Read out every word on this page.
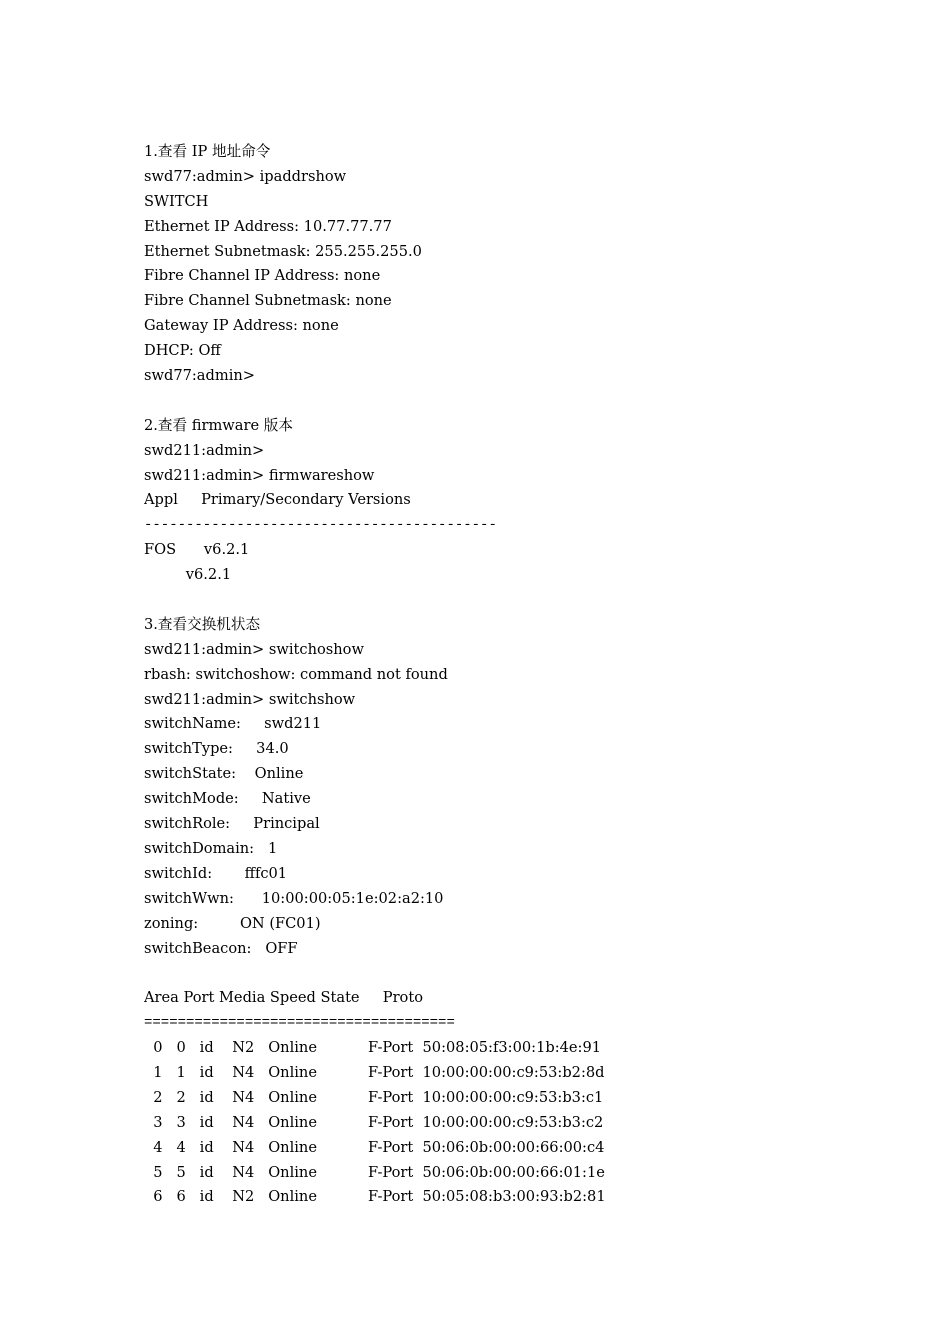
1.查看 IP 地址命令
swd77:admin> ipaddrshow
SWITCH
Ethernet IP Address: 10.77.77.77
Ethernet Subnetmask: 255.255.255.0
Fibre Channel IP Address: none
Fibre Channel Subnetmask: none
Gateway IP Address: none
DHCP: Off
swd77:admin>
2.查看 firmware 版本
swd211:admin>
swd211:admin> firmwareshow
Appl     Primary/Secondary Versions
------------------------------------------
FOS      v6.2.1
v6.2.1
3.查看交换机状态
swd211:admin> switchoshow
rbash: switchoshow: command not found
swd211:admin> switchshow
switchName:     swd211
switchType:     34.0
switchState:    Online
switchMode:     Native
switchRole:     Principal
switchDomain:   1
switchId:       fffc01
switchWwn:      10:00:00:05:1e:02:a2:10
zoning:         ON (FC01)
switchBeacon:   OFF
Area Port Media Speed State     Proto
=====================================
0   0   id    N2   Online           F-Port  50:08:05:f3:00:1b:4e:91
1   1   id    N4   Online           F-Port  10:00:00:00:c9:53:b2:8d
2   2   id    N4   Online           F-Port  10:00:00:00:c9:53:b3:c1
3   3   id    N4   Online           F-Port  10:00:00:00:c9:53:b3:c2
4   4   id    N4   Online           F-Port  50:06:0b:00:00:66:00:c4
5   5   id    N4   Online           F-Port  50:06:0b:00:00:66:01:1e
6   6   id    N2   Online           F-Port  50:05:08:b3:00:93:b2:81
